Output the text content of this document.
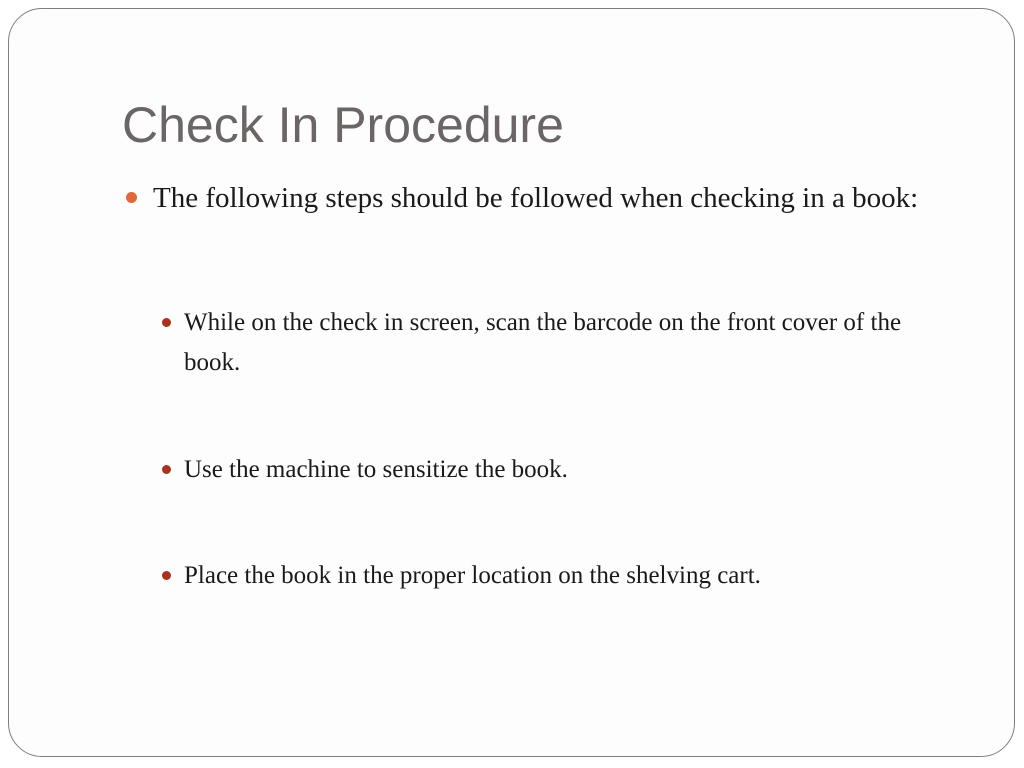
Check In Procedure
The following steps should be followed when checking in a book:
While on the check in screen, scan the barcode on the front cover of the book.
Use the machine to sensitize the book.
Place the book in the proper location on the shelving cart.
